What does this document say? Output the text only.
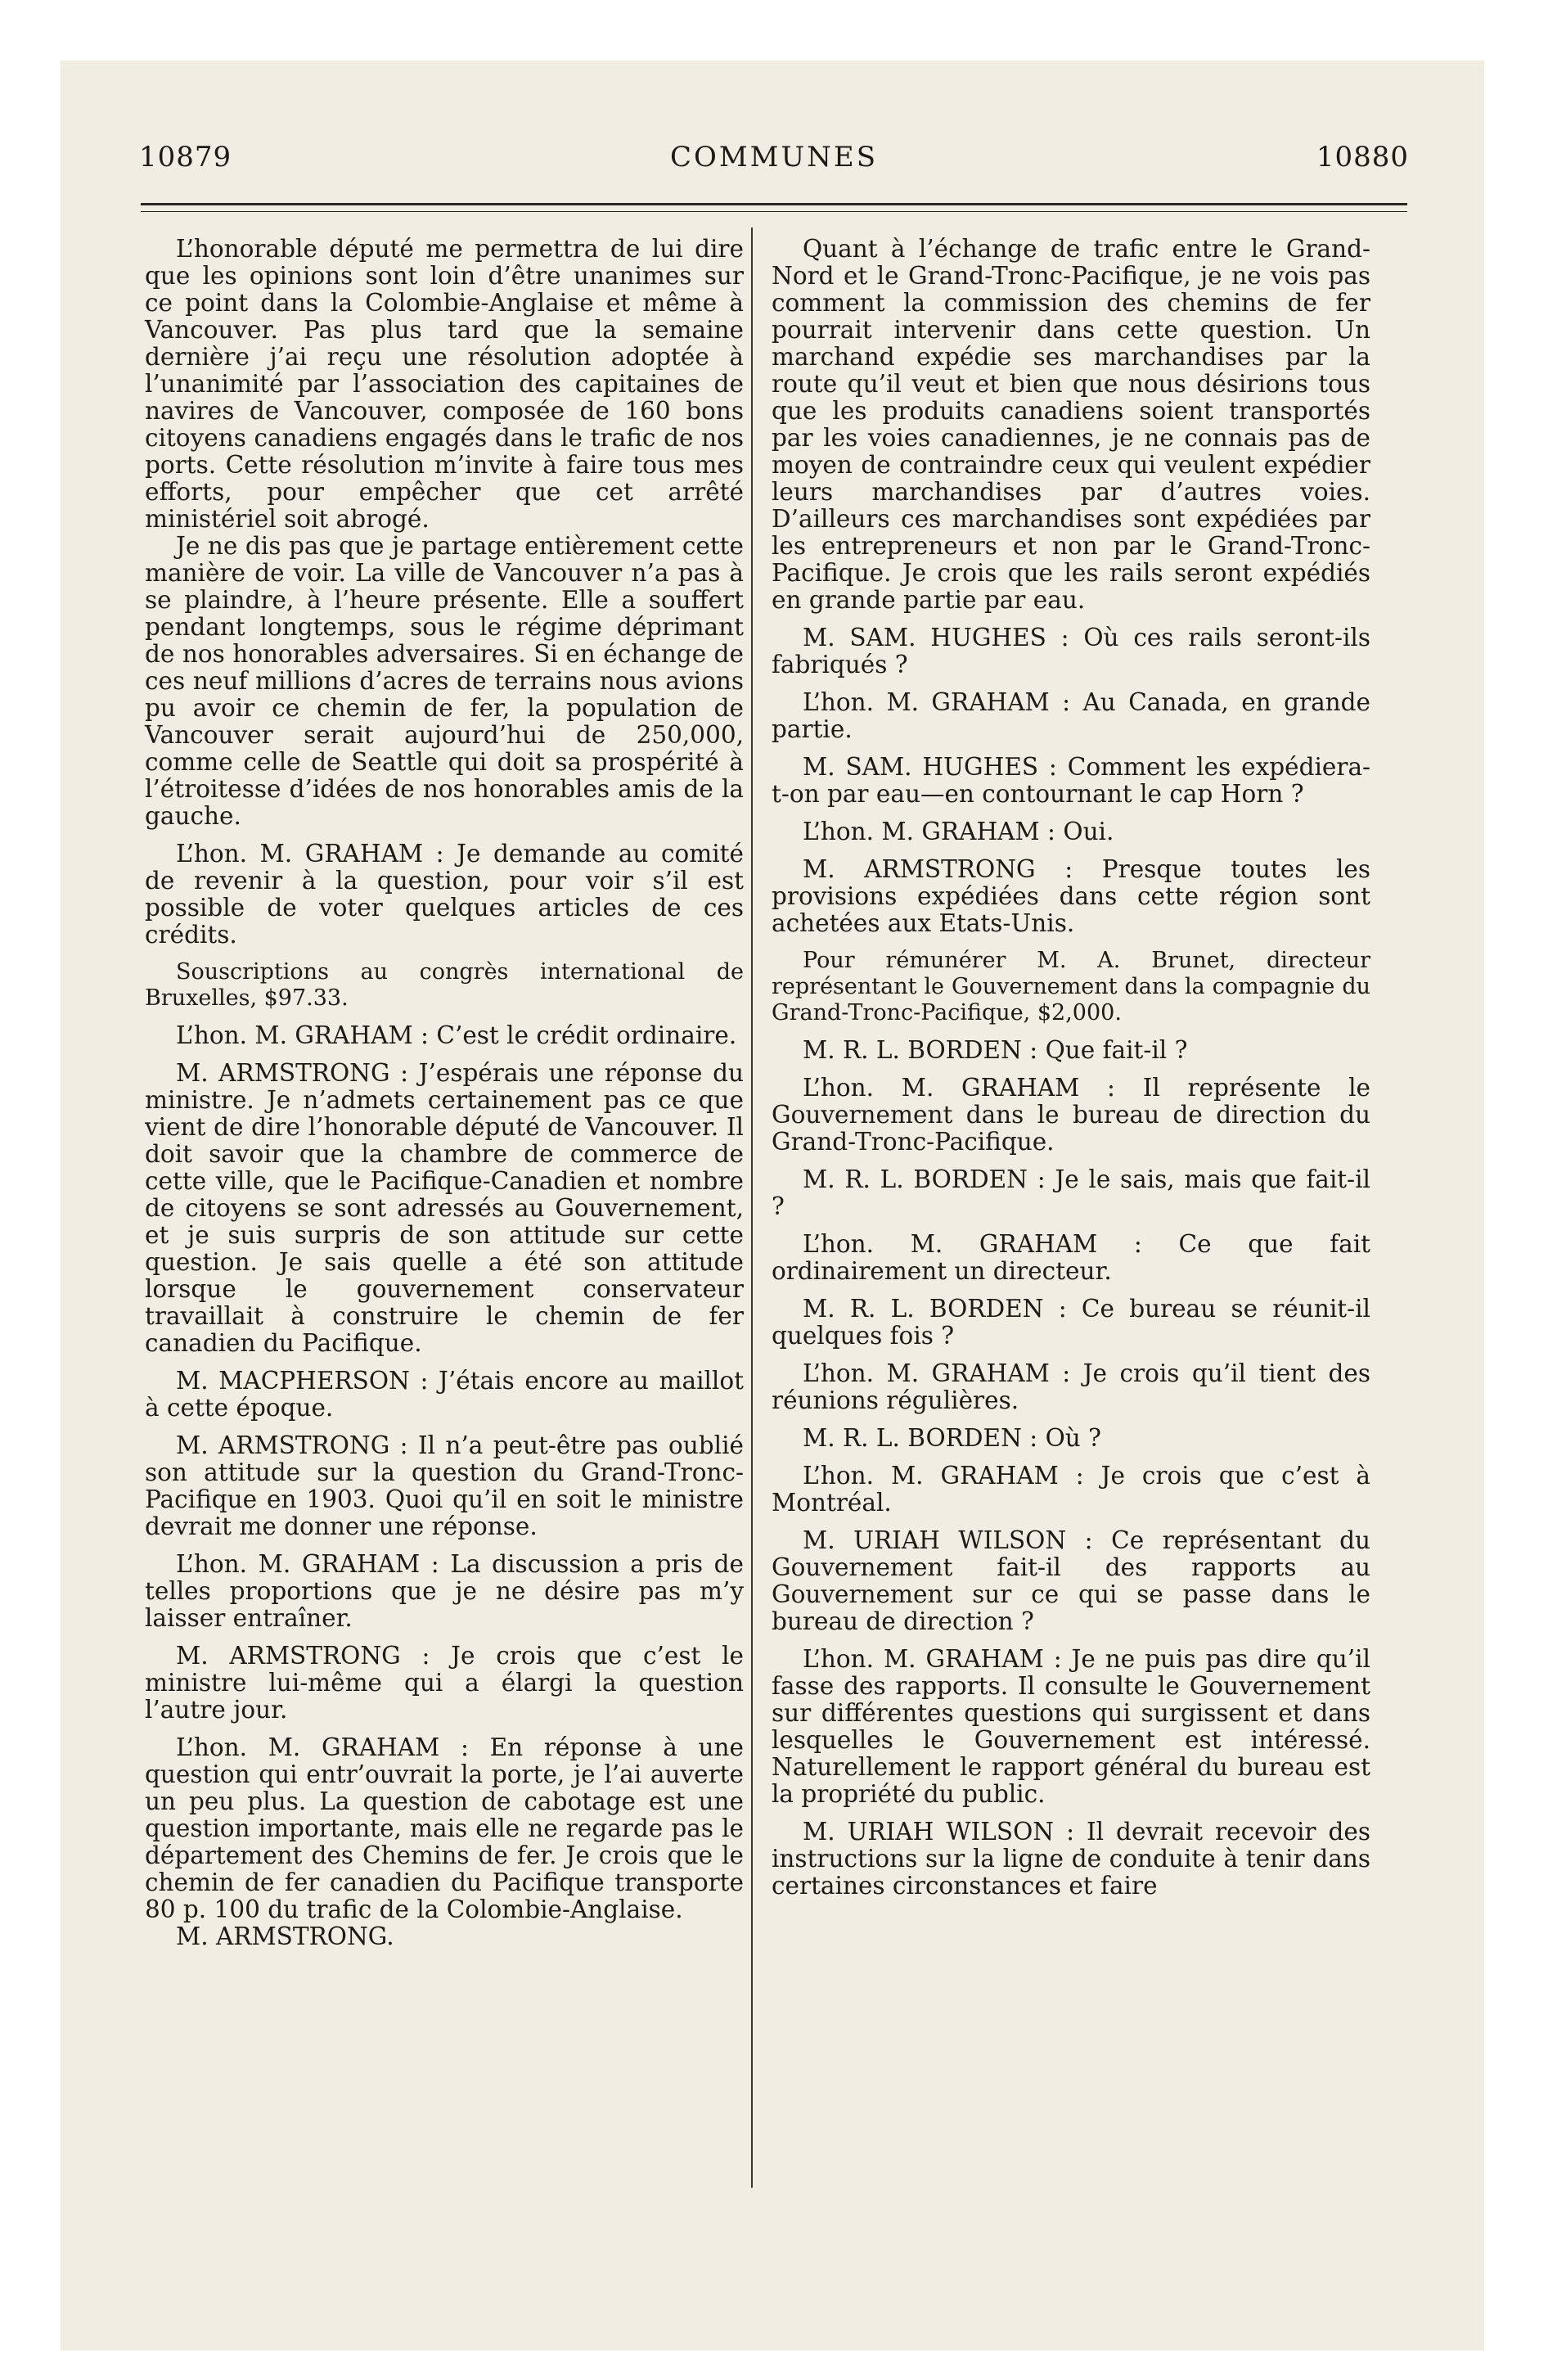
10879	COMMUNES	10880

L’honorable député me permettra de lui dire que les opinions sont loin d’être unanimes sur ce point dans la Colombie-Anglaise et même à Vancouver. Pas plus tard que la semaine dernière j’ai reçu une résolution adoptée à l’unanimité par l’association des capitaines de navires de Vancouver, composée de 160 bons citoyens canadiens engagés dans le trafic de nos ports. Cette résolution m’invite à faire tous mes efforts, pour empêcher que cet arrêté ministériel soit abrogé.

Je ne dis pas que je partage entièrement cette manière de voir. La ville de Vancouver n’a pas à se plaindre, à l’heure présente. Elle a souffert pendant longtemps, sous le régime déprimant de nos honorables adversaires. Si en échange de ces neuf millions d’acres de terrains nous avions pu avoir ce chemin de fer, la population de Vancouver serait aujourd’hui de 250,000, comme celle de Seattle qui doit sa prospérité à l’étroitesse d’idées de nos honorables amis de la gauche.

L’hon. M. GRAHAM : Je demande au comité de revenir à la question, pour voir s’il est possible de voter quelques articles de ces crédits.

Souscriptions au congrès international de Bruxelles, $97.33.

L’hon. M. GRAHAM : C’est le crédit ordinaire.

M. ARMSTRONG : J’espérais une réponse du ministre. Je n’admets certainement pas ce que vient de dire l’honorable député de Vancouver. Il doit savoir que la chambre de commerce de cette ville, que le Pacifique-Canadien et nombre de citoyens se sont adressés au Gouvernement, et je suis surpris de son attitude sur cette question. Je sais quelle a été son attitude lorsque le gouvernement conservateur travaillait à construire le chemin de fer canadien du Pacifique.

M. MACPHERSON : J’étais encore au maillot à cette époque.

M. ARMSTRONG : Il n’a peut-être pas oublié son attitude sur la question du Grand-Tronc-Pacifique en 1903. Quoi qu’il en soit le ministre devrait me donner une réponse.

L’hon. M. GRAHAM : La discussion a pris de telles proportions que je ne désire pas m’y laisser entraîner.

M. ARMSTRONG : Je crois que c’est le ministre lui-même qui a élargi la question l’autre jour.

L’hon. M. GRAHAM : En réponse à une question qui entr’ouvrait la porte, je l’ai auverte un peu plus. La question de cabotage est une question importante, mais elle ne regarde pas le département des Chemins de fer. Je crois que le chemin de fer canadien du Pacifique transporte 80 p. 100 du trafic de la Colombie-Anglaise.

M. ARMSTRONG.

Quant à l’échange de trafic entre le Grand-Nord et le Grand-Tronc-Pacifique, je ne vois pas comment la commission des chemins de fer pourrait intervenir dans cette question. Un marchand expédie ses marchandises par la route qu’il veut et bien que nous désirions tous que les produits canadiens soient transportés par les voies canadiennes, je ne connais pas de moyen de contraindre ceux qui veulent expédier leurs marchandises par d’autres voies. D’ailleurs ces marchandises sont expédiées par les entrepreneurs et non par le Grand-Tronc-Pacifique. Je crois que les rails seront expédiés en grande partie par eau.

M. SAM. HUGHES : Où ces rails seront-ils fabriqués ?

L’hon. M. GRAHAM : Au Canada, en grande partie.

M. SAM. HUGHES : Comment les expédiera-t-on par eau—en contournant le cap Horn ?

L’hon. M. GRAHAM : Oui.

M. ARMSTRONG : Presque toutes les provisions expédiées dans cette région sont achetées aux Etats-Unis.

Pour rémunérer M. A. Brunet, directeur représentant le Gouvernement dans la compagnie du Grand-Tronc-Pacifique, $2,000.

M. R. L. BORDEN : Que fait-il ?

L’hon. M. GRAHAM : Il représente le Gouvernement dans le bureau de direction du Grand-Tronc-Pacifique.

M. R. L. BORDEN : Je le sais, mais que fait-il ?

L’hon. M. GRAHAM : Ce que fait ordinairement un directeur.

M. R. L. BORDEN : Ce bureau se réunit-il quelques fois ?

L’hon. M. GRAHAM : Je crois qu’il tient des réunions régulières.

M. R. L. BORDEN : Où ?

L’hon. M. GRAHAM : Je crois que c’est à Montréal.

M. URIAH WILSON : Ce représentant du Gouvernement fait-il des rapports au Gouvernement sur ce qui se passe dans le bureau de direction ?

L’hon. M. GRAHAM : Je ne puis pas dire qu’il fasse des rapports. Il consulte le Gouvernement sur différentes questions qui surgissent et dans lesquelles le Gouvernement est intéressé. Naturellement le rapport général du bureau est la propriété du public.

M. URIAH WILSON : Il devrait recevoir des instructions sur la ligne de conduite à tenir dans certaines circonstances et faire
